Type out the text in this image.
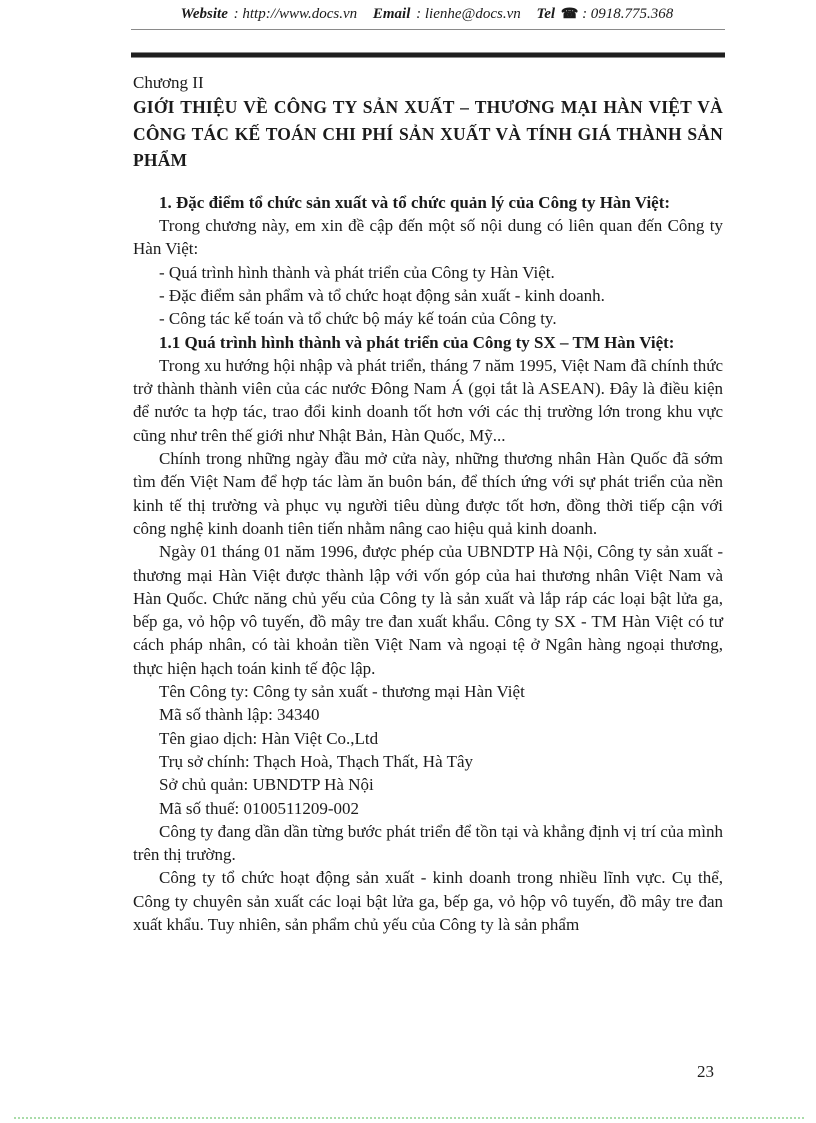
Website : http://www.docs.vn Email : lienhe@docs.vn Tel ☎ : 0918.775.368

Chương II

GIỚI THIỆU VỀ CÔNG TY SẢN XUẤT – THƯƠNG MẠI HÀN VIỆT VÀ CÔNG TÁC KẾ TOÁN CHI PHÍ SẢN XUẤT VÀ TÍNH GIÁ THÀNH SẢN PHẨM

1. Đặc điểm tổ chức sản xuất và tổ chức quản lý của Công ty Hàn Việt:

Trong chương này, em xin đề cập đến một số nội dung có liên quan đến Công ty Hàn Việt:

- Quá trình hình thành và phát triển của Công ty Hàn Việt.

- Đặc điểm sản phẩm và tổ chức hoạt động sản xuất - kinh doanh.

- Công tác kế toán và tổ chức bộ máy kế toán của Công ty.

1.1 Quá trình hình thành và phát triển của Công ty SX – TM Hàn Việt:

Trong xu hướng hội nhập và phát triển, tháng 7 năm 1995, Việt Nam đã chính thức trở thành thành viên của các nước Đông Nam Á (gọi tắt là ASEAN). Đây là điều kiện để nước ta hợp tác, trao đổi kinh doanh tốt hơn với các thị trường lớn trong khu vực cũng như trên thế giới như Nhật Bản, Hàn Quốc, Mỹ...

Chính trong những ngày đầu mở cửa này, những thương nhân Hàn Quốc đã sớm tìm đến Việt Nam để hợp tác làm ăn buôn bán, để thích ứng với sự phát triển của nền kinh tế thị trường và phục vụ người tiêu dùng được tốt hơn, đồng thời tiếp cận với công nghệ kinh doanh tiên tiến nhằm nâng cao hiệu quả kinh doanh.

Ngày 01 tháng 01 năm 1996, được phép của UBNDTP Hà Nội, Công ty sản xuất - thương mại Hàn Việt được thành lập với vốn góp của hai thương nhân Việt Nam và Hàn Quốc. Chức năng chủ yếu của Công ty là sản xuất và lắp ráp các loại bật lửa ga, bếp ga, vỏ hộp vô tuyến, đồ mây tre đan xuất khẩu. Công ty SX - TM Hàn Việt có tư cách pháp nhân, có tài khoản tiền Việt Nam và ngoại tệ ở Ngân hàng ngoại thương, thực hiện hạch toán kinh tế độc lập.

Tên Công ty: Công ty sản xuất - thương mại Hàn Việt

Mã số thành lập: 34340

Tên giao dịch: Hàn Việt Co.,Ltd

Trụ sở chính: Thạch Hoà, Thạch Thất, Hà Tây

Sở chủ quản: UBNDTP Hà Nội

Mã số thuế: 0100511209-002

Công ty đang dần dần từng bước phát triển để tồn tại và khẳng định vị trí của mình trên thị trường.

Công ty tổ chức hoạt động sản xuất - kinh doanh trong nhiều lĩnh vực. Cụ thể, Công ty chuyên sản xuất các loại bật lửa ga, bếp ga, vỏ hộp vô tuyến, đồ mây tre đan xuất khẩu. Tuy nhiên, sản phẩm chủ yếu của Công ty là sản phẩm

23
